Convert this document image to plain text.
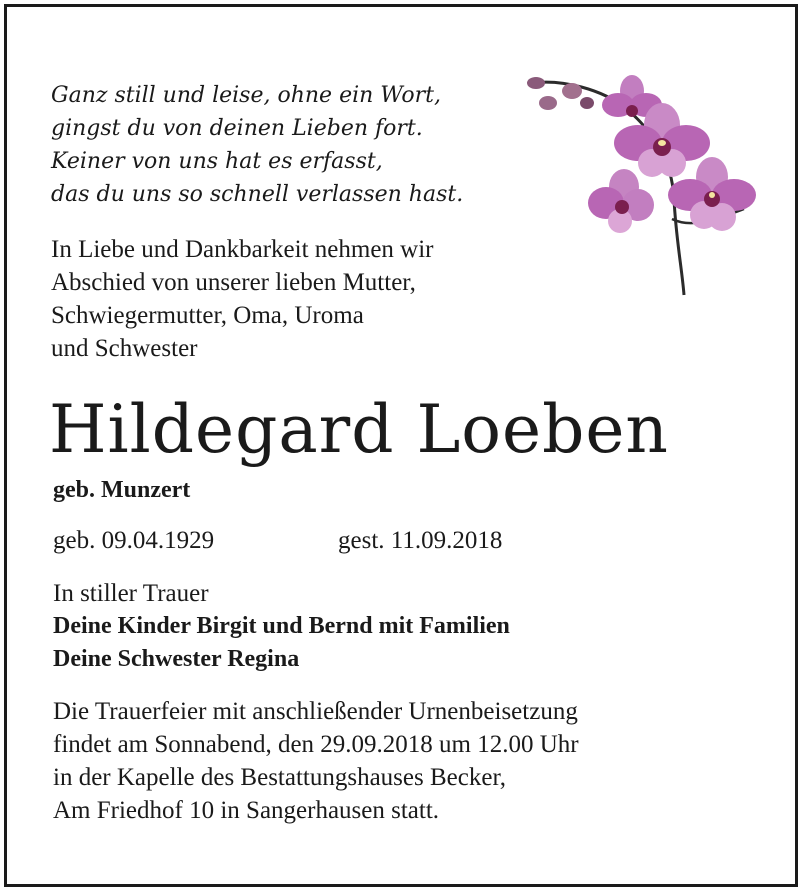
Ganz still und leise, ohne ein Wort,
gingst du von deinen Lieben fort.
Keiner von uns hat es erfasst,
das du uns so schnell verlassen hast.
In Liebe und Dankbarkeit nehmen wir
Abschied von unserer lieben Mutter,
Schwiegermutter, Oma, Uroma
und Schwester
Hildegard Loeben
geb. Munzert
geb. 09.04.1929	gest. 11.09.2018
In stiller Trauer
Deine Kinder Birgit und Bernd mit Familien
Deine Schwester Regina
Die Trauerfeier mit anschließender Urnenbeisetzung
findet am Sonnabend, den 29.09.2018 um 12.00 Uhr
in der Kapelle des Bestattungshauses Becker,
Am Friedhof 10 in Sangerhausen statt.
